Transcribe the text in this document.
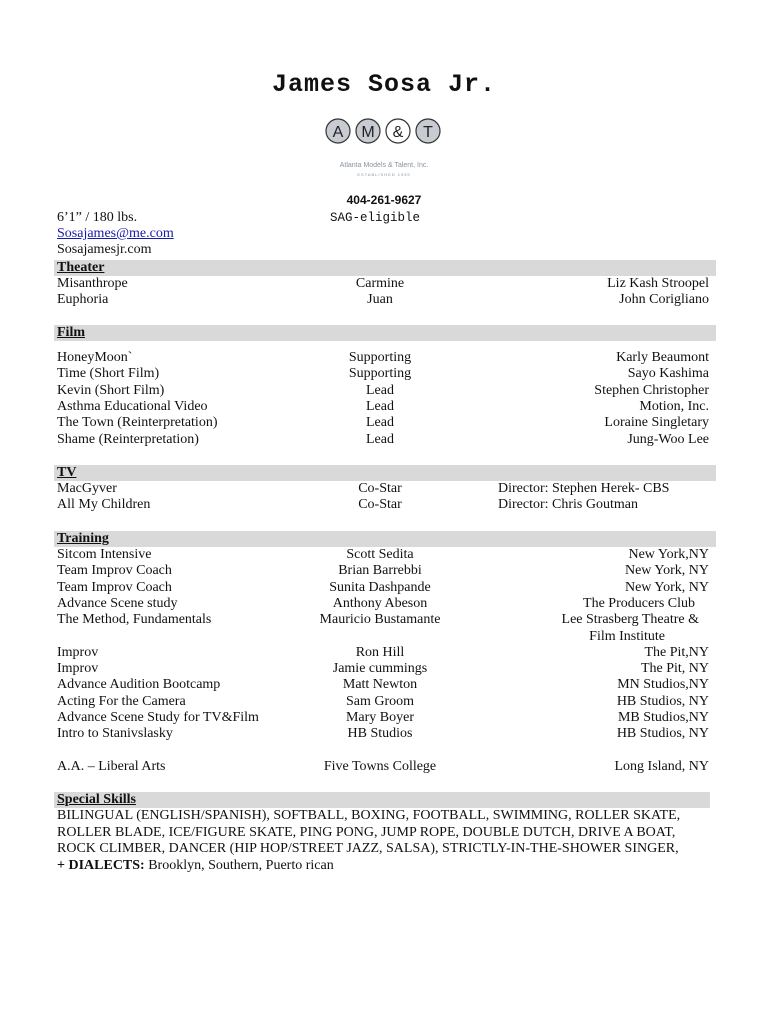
James Sosa Jr.
A M & T
Atlanta Models & Talent, Inc.
ESTABLISHED 1959
404-261-9627
SAG-eligible
6’1” / 180 lbs.
Sosajames@me.com
Sosajamesjr.com
Theater
Misanthrope	Carmine	Liz Kash Stroopel
Euphoria	Juan	John Corigliano
Film
HoneyMoon`	Supporting	Karly Beaumont
Time (Short Film)	Supporting	Sayo Kashima
Kevin (Short Film)	Lead	Stephen Christopher
Asthma Educational Video	Lead	Motion, Inc.
The Town (Reinterpretation)	Lead	Loraine Singletary
Shame (Reinterpretation)	Lead	Jung-Woo Lee
TV
MacGyver	Co-Star	Director: Stephen Herek- CBS
All My Children	Co-Star	Director: Chris Goutman
Training
Sitcom Intensive	Scott Sedita	New York,NY
Team Improv Coach	Brian Barrebbi	New York, NY
Team Improv Coach	Sunita Dashpande	New York, NY
Advance Scene study	Anthony Abeson	The Producers Club
The Method, Fundamentals	Mauricio Bustamante	Lee Strasberg Theatre &
Film Institute
Improv	Ron Hill	The Pit,NY
Improv	Jamie cummings	The Pit, NY
Advance Audition Bootcamp	Matt Newton	MN Studios,NY
Acting For the Camera	Sam Groom	HB Studios, NY
Advance Scene Study for TV&Film	Mary Boyer	MB Studios,NY
Intro to Stanivslasky	HB Studios	HB Studios, NY
A.A. – Liberal Arts	Five Towns College	Long Island, NY
Special Skills
BILINGUAL (ENGLISH/SPANISH), SOFTBALL, BOXING, FOOTBALL, SWIMMING, ROLLER SKATE, ROLLER BLADE, ICE/FIGURE SKATE, PING PONG, JUMP ROPE, DOUBLE DUTCH, DRIVE A BOAT, ROCK CLIMBER, DANCER (HIP HOP/STREET JAZZ, SALSA), STRICTLY-IN-THE-SHOWER SINGER,
+ DIALECTS: Brooklyn, Southern, Puerto rican
